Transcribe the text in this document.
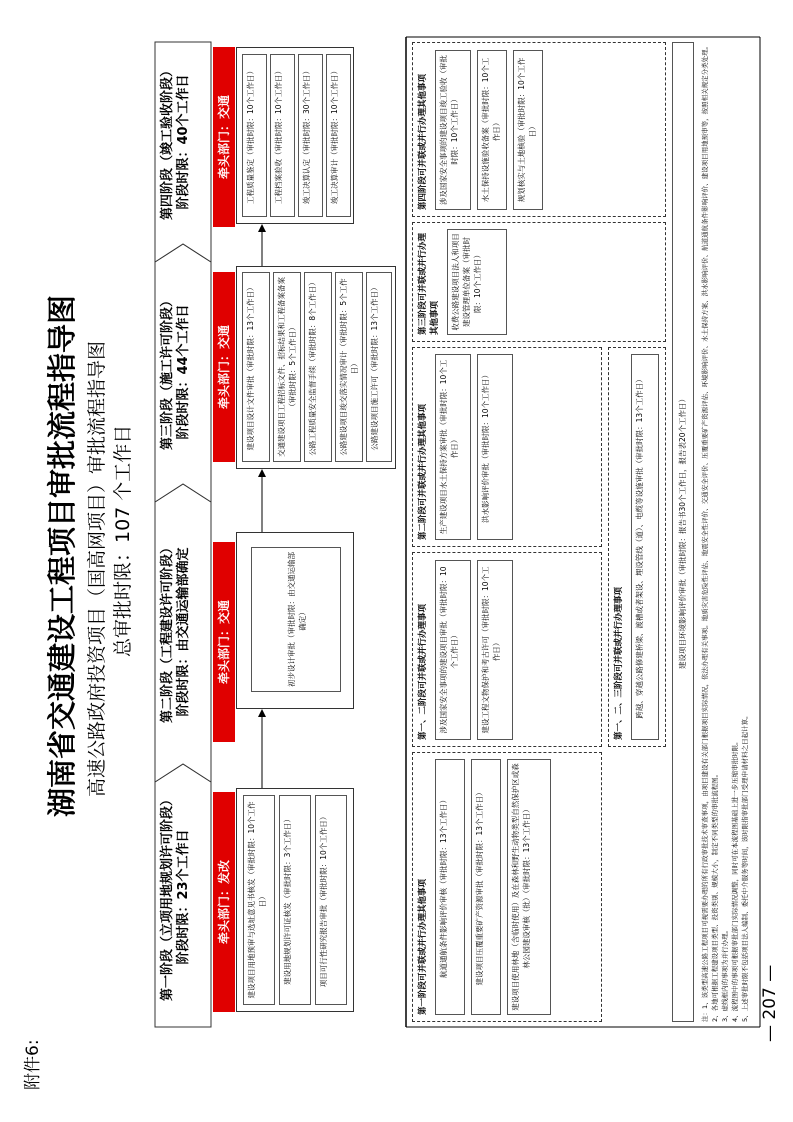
附件6:
湖南省交通建设工程项目审批流程指导图 高速公路政府投资项目（国高网项目）审批流程指导图 总审批时限：107 个工作日
第一阶段（立项用地规划许可阶段） 阶段时限：23个工作日
第二阶段（工程建设许可阶段） 阶段时限：由交通运输部确定
第三阶段（施工许可阶段） 阶段时限：44个工作日
第四阶段（竣工验收阶段） 阶段时限：40个工作日
牵头部门：发改
牵头部门：交通
牵头部门：交通
牵头部门：交通
建设项目用地预审与选址意见书核发（审批时限：10个工作日）	建设用地规划许可证核发（审批时限：3个工作日）	项目可行性研究报告审批（审批时限：10个工作日）
初步设计审批（审批时限：由交通运输部确定）
建设项目设计文件审批（审批时限：13个工作日）	交通建设项目工程招标文件、招标结果和工程备案备案（审批时限：5个工作日）	公路工程质量安全监督手续（审批时限：8个工作日）	公路建设项目竣交落实情况审计（审批时限：5个工作日）	公路建设项目施工许可（审批时限：13个工作日）
工程质量鉴定（审批时限：10个工作日）	工程档案验收（审批时限：10个工作日）	竣工决算认定（审批时限：30个工作日）	竣工决算审计（审批时限：10个工作日）
第一阶段可并联或并行办理其他事项	航道通航条件影响评价审核（审批时限：13个工作日）	建设项目压覆重要矿产资源审批（审批时限：13个工作日）	建设项目使用林地（含临时使用）及在森林和野生动物类型自然保护区或森林公园建设审核（批）（审批时限：13个工作日）
第一、二阶段可并联或并行办理事项	涉及国家安全事项的建设项目审批（审批时限：10个工作日）	建设工程文物保护和考古许可（审批时限：10个工作日）
第二阶段可并联或并行办理其他事项	生产建设项目水土保持方案审批（审批时限：10个工作日）	洪水影响评价审批（审批时限：10个工作日）
第一、二、三阶段可并联或并行办理事项	跨越、穿越公路修建桥梁、渡槽或者架设、埋设管线（道）、电缆等设施审批（审批时限：13个工作日）
第三阶段可并联或并行办理其他事项	收费公路建设项目法人和项目建设管理单位备案（审批时限：10个工作日）
第四阶段可并联或并行办理其他事项	涉及国家安全事项的建设项目竣工验收（审批时限：10个工作日）	水土保持设施验收备案（审批时限：10个工作日）	规划核实与土地核验（审批时限：10个工作日）
建设项目环境影响评价审批（审批时限：报告书30个工作日，报告表20个工作日）	注：1、该类型高速公路工程项目可视需要办理的所有行政审批技术审查事项，由项目建设有关部门根据项目实际情况，依法办理有关事项。地质灾害危险性评估、地震安全性评价、交通安全评价、压覆重要矿产资源评估、环境影响评价、水土保持方案、洪水影响评价、航道通航条件影响评价、建设项目用地预审等，按照相关规定分类处理。 2、各地可根据工程建设项目类型、投资类别、规模大小，制定不同类型的审批流程图。 3、虚线框内的事项为并行办理。 4、流程图中的事项可根据审批部门实际情况调整，同时可在本流程图基础上进一步压缩审批时限。 5、上述审批时限不包括项目法人编制、委托中介服务等时间，该时限指审批部门受理申请材料之日起计算。 — 207 —
